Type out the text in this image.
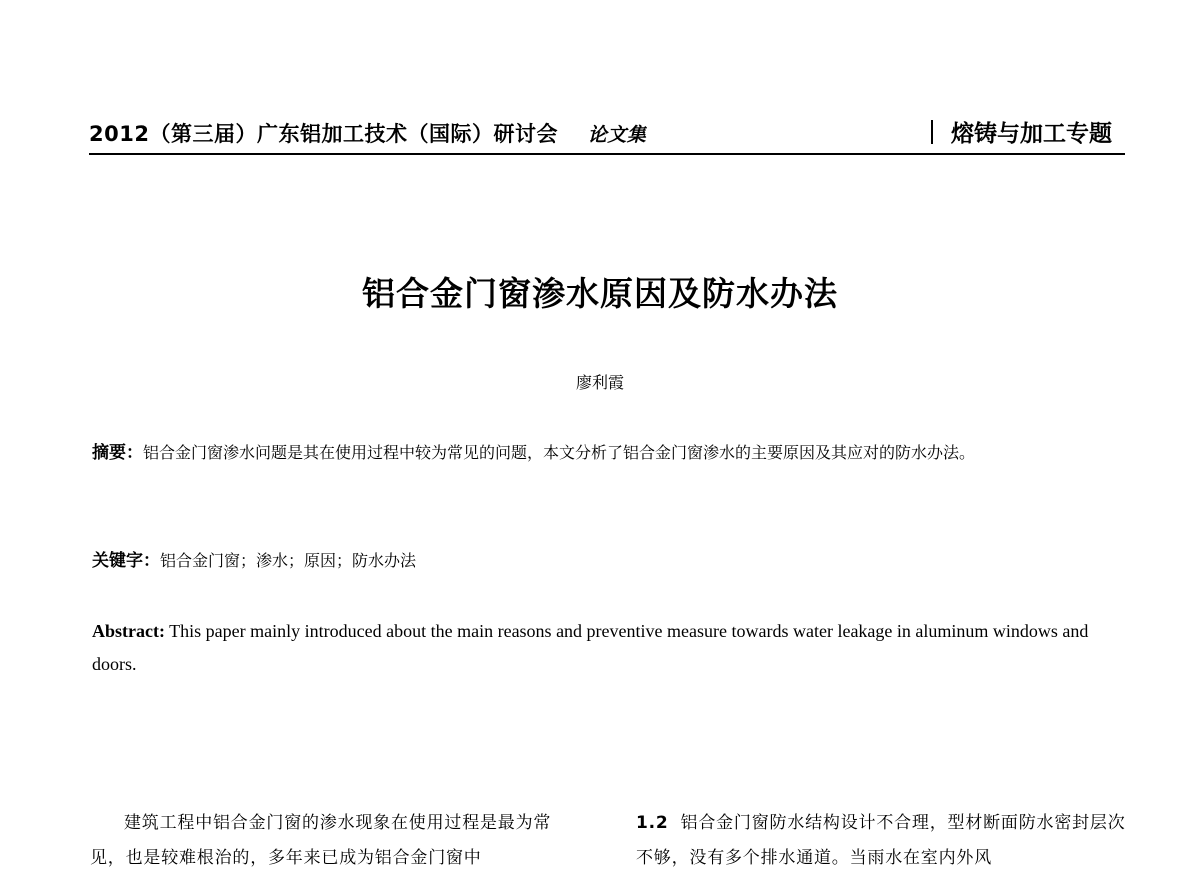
2012（第三届）广东铝加工技术（国际）研讨会 论文集	熔铸与加工专题
铝合金门窗渗水原因及防水办法
廖利霞
摘要：铝合金门窗渗水问题是其在使用过程中较为常见的问题，本文分析了铝合金门窗渗水的主要原因及其应对的防水办法。
关键字：铝合金门窗；渗水；原因；防水办法
Abstract: This paper mainly introduced about the main reasons and preventive measure towards water leakage in aluminum windows and doors.
建筑工程中铝合金门窗的渗水现象在使用过程是最为常见，也是较难根治的，多年来已成为铝合金门窗中
1.2 铝合金门窗防水结构设计不合理，型材断面防水密封层次不够，没有多个排水通道。当雨水在室内外风
